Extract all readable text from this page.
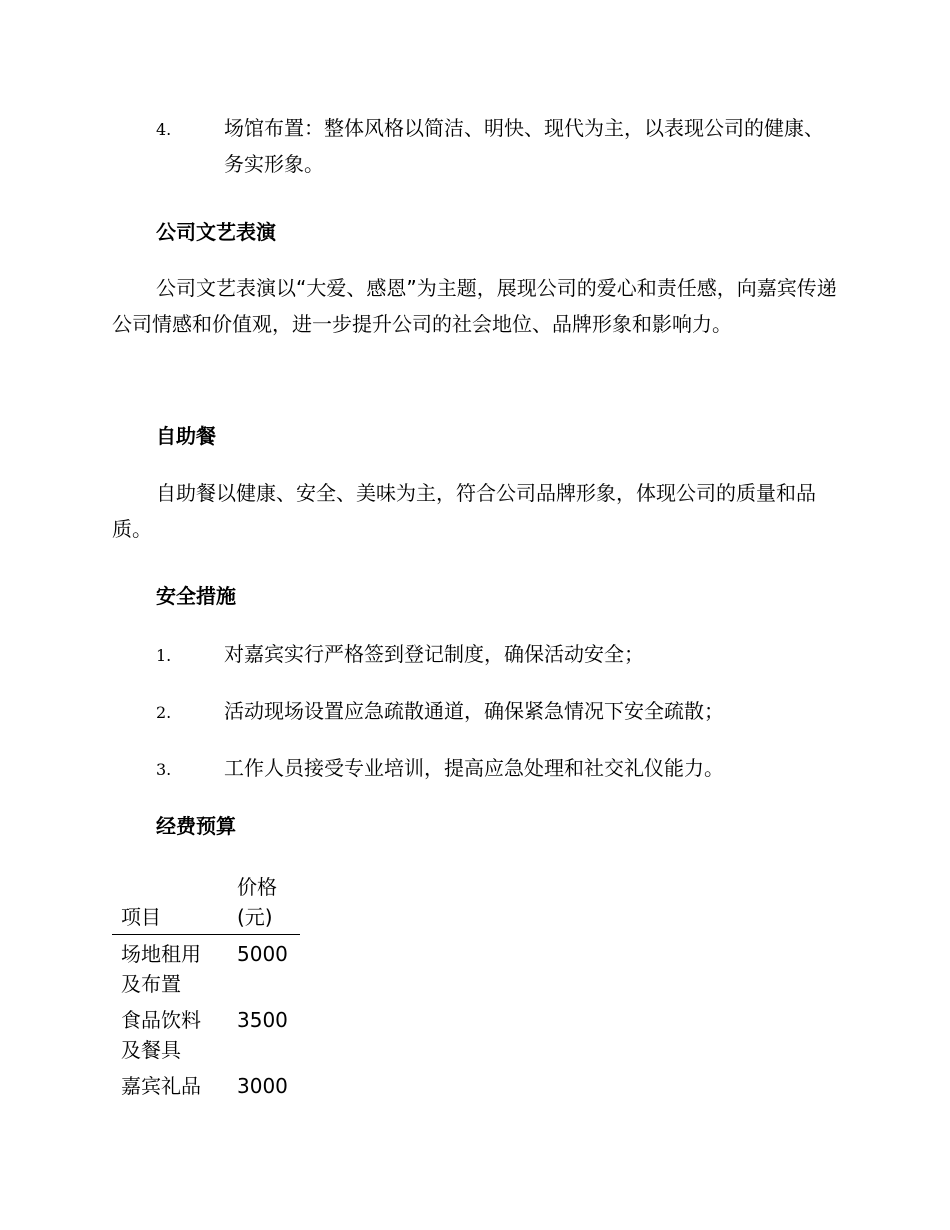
4.	场馆布置：整体风格以简洁、明快、现代为主，以表现公司的健康、务实形象。
公司文艺表演

公司文艺表演以“大爱、感恩”为主题，展现公司的爱心和责任感，向嘉宾传递公司情感和价值观，进一步提升公司的社会地位、品牌形象和影响力。

自助餐

自助餐以健康、安全、美味为主，符合公司品牌形象，体现公司的质量和品质。

安全措施
1.	对嘉宾实行严格签到登记制度，确保活动安全；
2.	活动现场设置应急疏散通道，确保紧急情况下安全疏散；
3.	工作人员接受专业培训，提高应急处理和社交礼仪能力。
经费预算
项目	价格(元)
场地租用及布置	5000
食品饮料及餐具	3500
嘉宾礼品	3000
